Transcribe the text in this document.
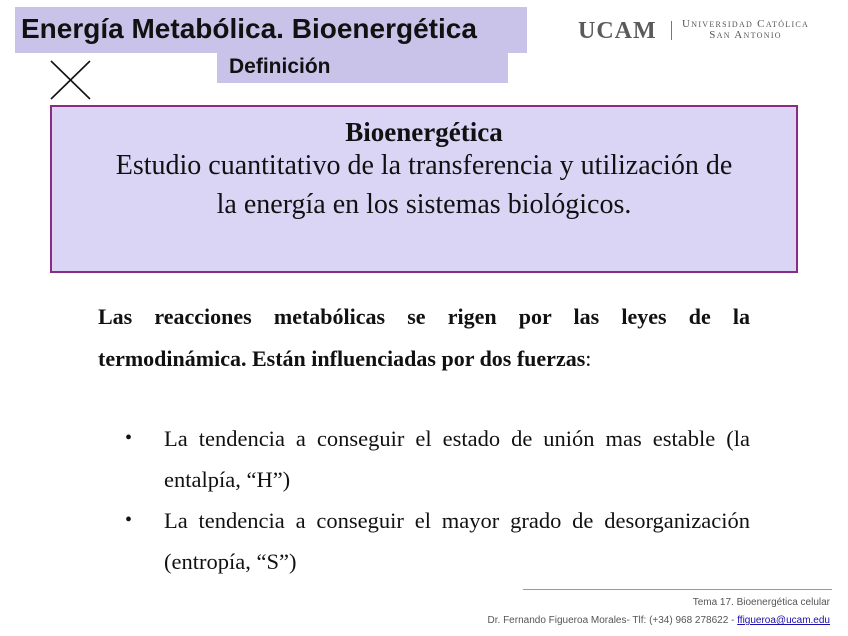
Energía Metabólica. Bioenergética
Definición
UCAM Universidad Católica
San Antonio
Bioenergética
Estudio cuantitativo de la transferencia y utilización de la energía en los sistemas biológicos.
Las reacciones metabólicas se rigen por las leyes de la termodinámica. Están influenciadas por dos fuerzas:
• La tendencia a conseguir el estado de unión mas estable (la entalpía, “H”)
• La tendencia a conseguir el mayor grado de desorganización (entropía, “S”)
Tema 17. Bioenergética celular
Dr. Fernando Figueroa Morales- Tlf: (+34) 968 278622 - ffigueroa@ucam.edu
